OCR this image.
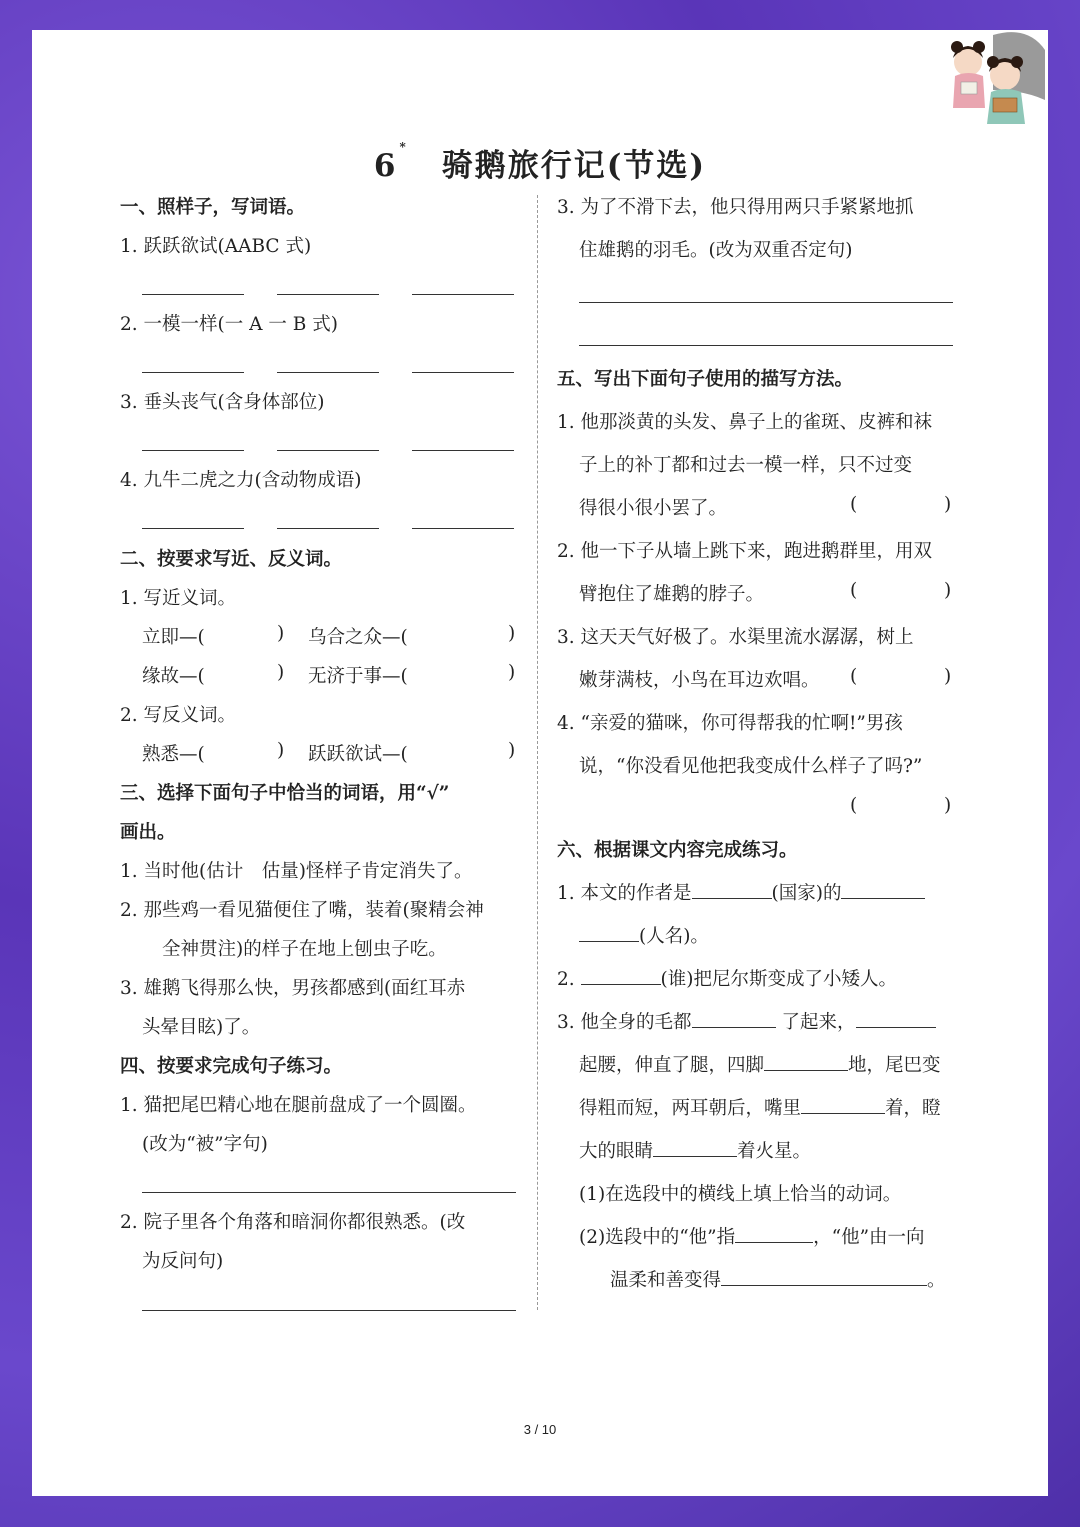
6*骑鹅旅行记(节选)
一、照样子，写词语。
1. 跃跃欲试(AABC 式)
2. 一模一样(一 A 一 B 式)
3. 垂头丧气(含身体部位)
4. 九牛二虎之力(含动物成语)
二、按要求写近、反义词。
1. 写近义词。
立即—(	) 乌合之众—(	)
缘故—(	) 无济于事—(	)
2. 写反义词。
熟悉—(	) 跃跃欲试—(	)
三、选择下面句子中恰当的词语，用“√”
画出。
1. 当时他(估计　估量)怪样子肯定消失了。
2. 那些鸡一看见猫便住了嘴，装着(聚精会神
全神贯注)的样子在地上刨虫子吃。
3. 雄鹅飞得那么快，男孩都感到(面红耳赤
头晕目眩)了。
四、按要求完成句子练习。
1. 猫把尾巴精心地在腿前盘成了一个圆圈。
(改为“被”字句)
2. 院子里各个角落和暗洞你都很熟悉。(改
为反问句)
3. 为了不滑下去，他只得用两只手紧紧地抓
住雄鹅的羽毛。(改为双重否定句)
五、写出下面句子使用的描写方法。
1. 他那淡黄的头发、鼻子上的雀斑、皮裤和袜
子上的补丁都和过去一模一样，只不过变
得很小很小罢了。	(	)
2. 他一下子从墙上跳下来，跑进鹅群里，用双
臂抱住了雄鹅的脖子。	(	)
3. 这天天气好极了。水渠里流水潺潺，树上
嫩芽满枝，小鸟在耳边欢唱。 (	)
4. “亲爱的猫咪，你可得帮我的忙啊!”男孩
说，“你没看见他把我变成什么样子了吗?”
(	)
六、根据课文内容完成练习。
1. 本文的作者是	(国家)的
(人名)。
2.	(谁)把尼尔斯变成了小矮人。
3. 他全身的毛都	了起来，
起腰，伸直了腿，四脚	地，尾巴变
得粗而短，两耳朝后，嘴里	着，瞪
大的眼睛	着火星。
(1)在选段中的横线上填上恰当的动词。
(2)选段中的“他”指	，“他”由一向
温柔和善变得	。
3 / 10
